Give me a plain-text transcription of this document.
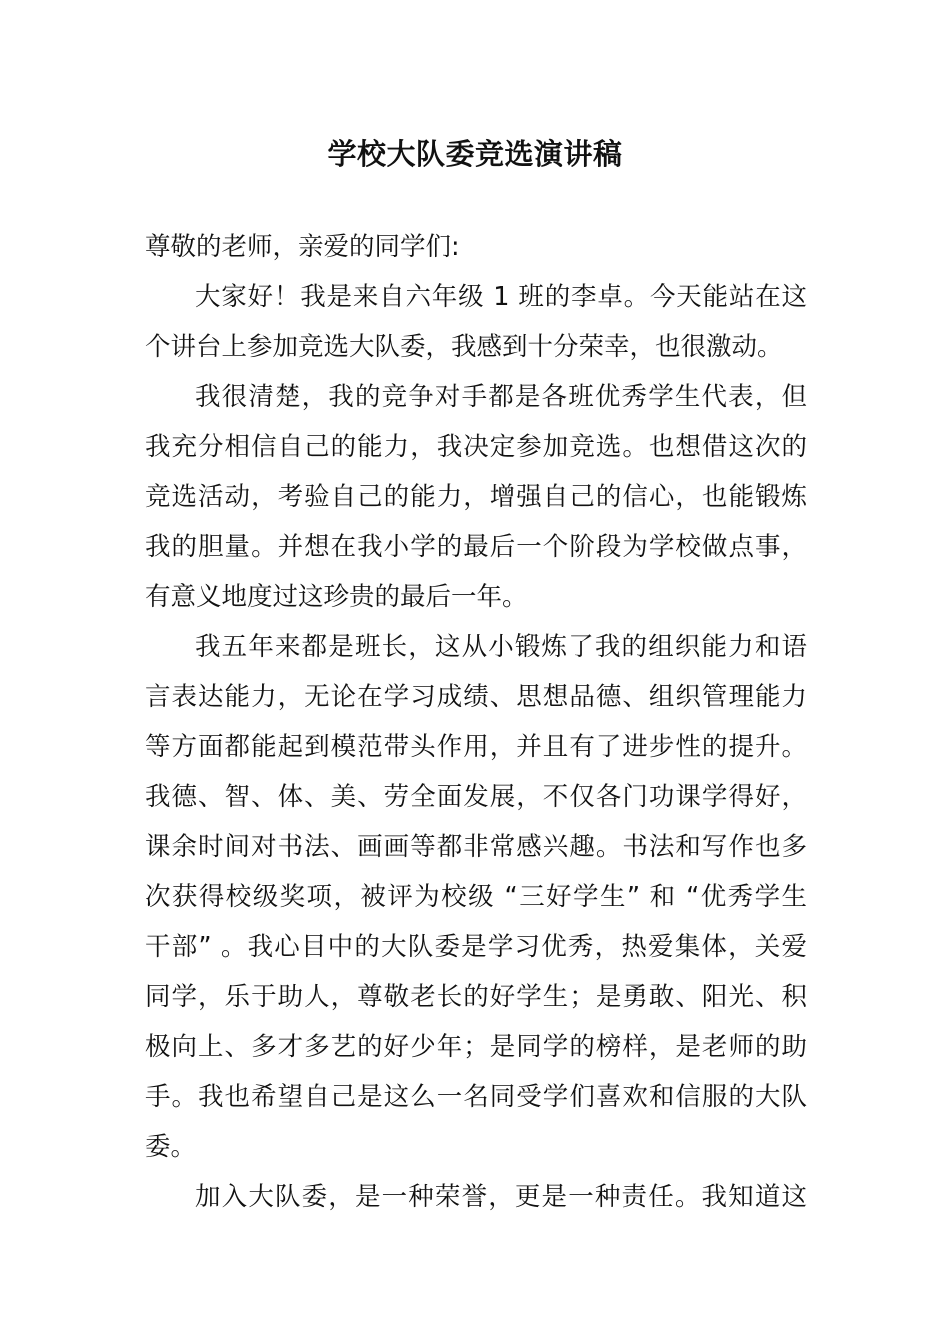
学校大队委竞选演讲稿

尊敬的老师，亲爱的同学们:

大家好！我是来自六年级 1 班的李卓。今天能站在这
个讲台上参加竞选大队委，我感到十分荣幸，也很激动。
我很清楚，我的竞争对手都是各班优秀学生代表，但
我充分相信自己的能力，我决定参加竞选。也想借这次的
竞选活动，考验自己的能力，增强自己的信心，也能锻炼
我的胆量。并想在我小学的最后一个阶段为学校做点事，
有意义地度过这珍贵的最后一年。
我五年来都是班长，这从小锻炼了我的组织能力和语
言表达能力，无论在学习成绩、思想品德、组织管理能力
等方面都能起到模范带头作用，并且有了进步性的提升。
我德、智、体、美、劳全面发展，不仅各门功课学得好，
课余时间对书法、画画等都非常感兴趣。书法和写作也多
次获得校级奖项，被评为校级 “三好学生” 和 “优秀学生
干部” 。我心目中的大队委是学习优秀，热爱集体，关爱
同学，乐于助人，尊敬老长的好学生；是勇敢、阳光、积
极向上、多才多艺的好少年；是同学的榜样，是老师的助
手。我也希望自己是这么一名同受学们喜欢和信服的大队
委。
加入大队委，是一种荣誉，更是一种责任。我知道这
